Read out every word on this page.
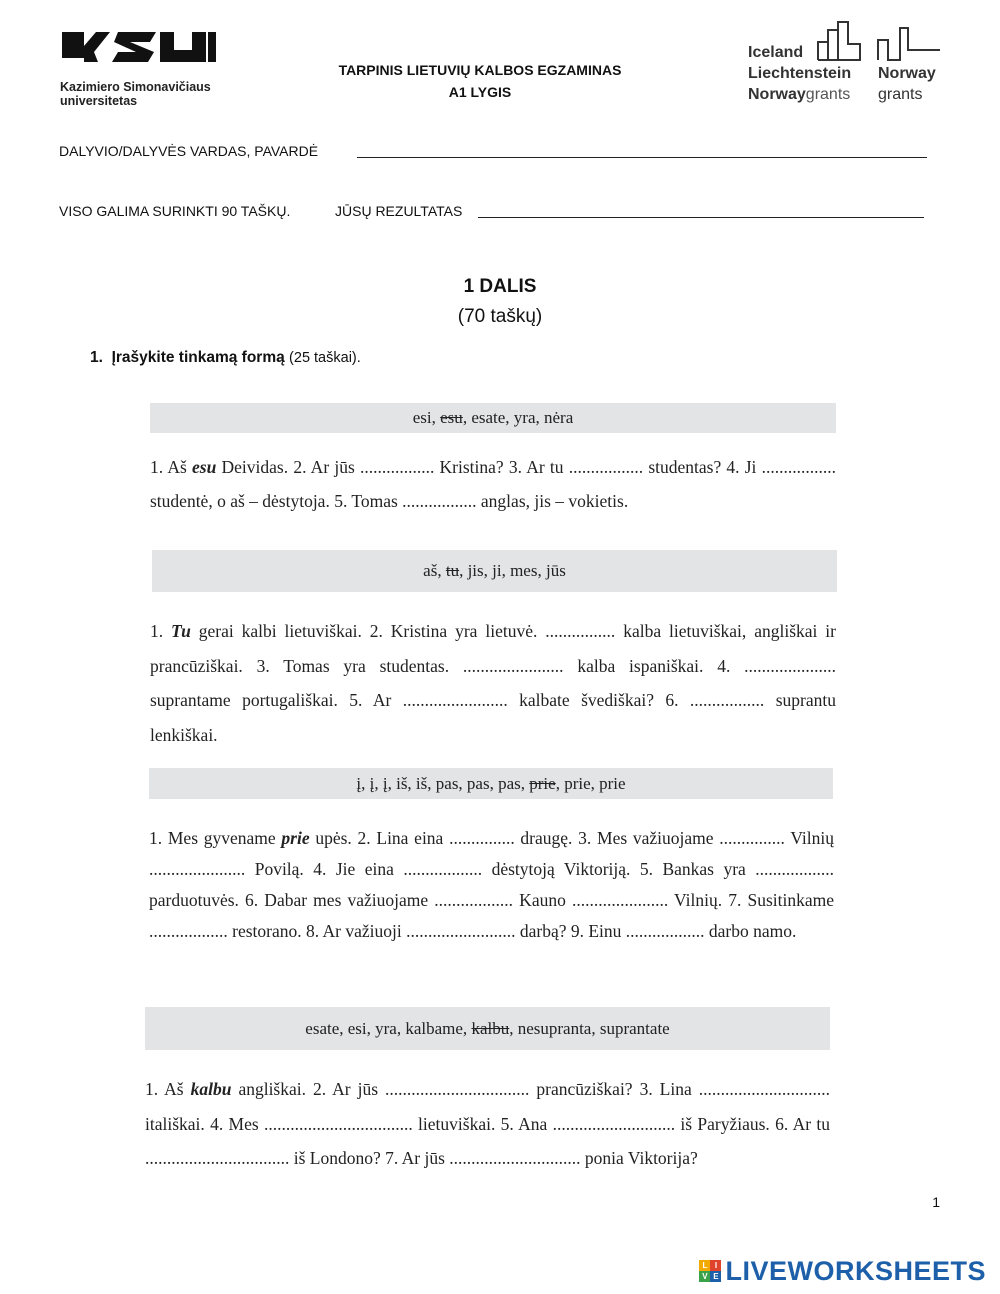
Kazimiero Simonavičiaus
universitetas
TARPINIS LIETUVIŲ KALBOS EGZAMINAS
A1 LYGIS
Iceland
Liechtenstein
Norwaygrants
Norway
grants
DALYVIO/DALYVĖS VARDAS, PAVARDĖ
VISO GALIMA SURINKTI 90 TAŠKŲ.	JŪSŲ REZULTATAS
1 DALIS
(70 taškų)
1. Įrašykite tinkamą formą (25 taškai).
esi, esu, esate, yra, nėra
1. Aš esu Deividas. 2. Ar jūs ................. Kristina? 3. Ar tu ................. studentas? 4. Ji ................. studentė, o aš – dėstytoja. 5. Tomas ................. anglas, jis – vokietis.
aš, tu, jis, ji, mes, jūs
1. Tu gerai kalbi lietuviškai. 2. Kristina yra lietuvė. ................ kalba lietuviškai, angliškai ir prancūziškai. 3. Tomas yra studentas. ....................... kalba ispaniškai. 4. ..................... suprantame portugališkai. 5. Ar ........................ kalbate švediškai? 6. ................. suprantu lenkiškai.
į, į, į, iš, iš, pas, pas, pas, prie, prie, prie
1. Mes gyvename prie upės. 2. Lina eina ............... draugę. 3. Mes važiuojame ............... Vilnių ...................... Povilą. 4. Jie eina .................. dėstytoją Viktoriją. 5. Bankas yra .................. parduotuvės. 6. Dabar mes važiuojame .................. Kauno ...................... Vilnių. 7. Susitinkame .................. restorano. 8. Ar važiuoji ......................... darbą? 9. Einu .................. darbo namo.
esate, esi, yra, kalbame, kalbu, nesupranta, suprantate
1. Aš kalbu angliškai. 2. Ar jūs ................................. prancūziškai? 3. Lina .............................. itališkai. 4. Mes .................................. lietuviškai. 5. Ana ............................ iš Paryžiaus. 6. Ar tu ................................. iš Londono? 7. Ar jūs .............................. ponia Viktorija?
1
L I
V E LIVEWORKSHEETS
